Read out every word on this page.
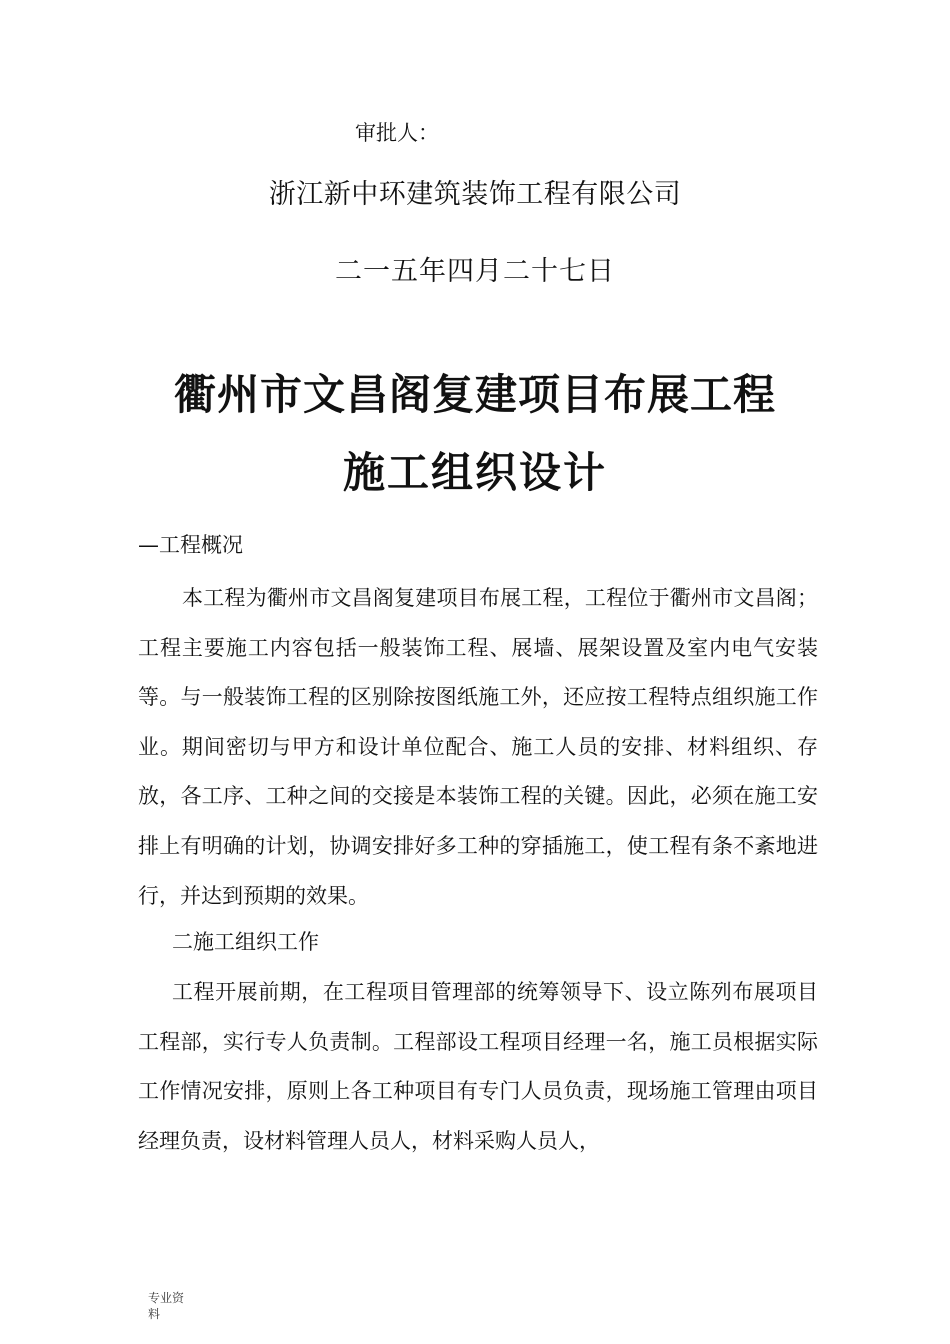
审批人：
浙江新中环建筑装饰工程有限公司
二一五年四月二十七日
衢州市文昌阁复建项目布展工程
施工组织设计
—工程概况
本工程为衢州市文昌阁复建项目布展工程，工程位于衢州市文昌阁；工程主要施工内容包括一般装饰工程、展墙、展架设置及室内电气安装等。与一般装饰工程的区别除按图纸施工外，还应按工程特点组织施工作业。期间密切与甲方和设计单位配合、施工人员的安排、材料组织、存放，各工序、工种之间的交接是本装饰工程的关键。因此，必须在施工安排上有明确的计划，协调安排好多工种的穿插施工，使工程有条不紊地进行，并达到预期的效果。
二施工组织工作
工程开展前期，在工程项目管理部的统筹领导下、设立陈列布展项目工程部，实行专人负责制。工程部设工程项目经理一名，施工员根据实际工作情况安排，原则上各工种项目有专门人员负责，现场施工管理由项目经理负责，设材料管理人员人，材料采购人员人，
专业资料
